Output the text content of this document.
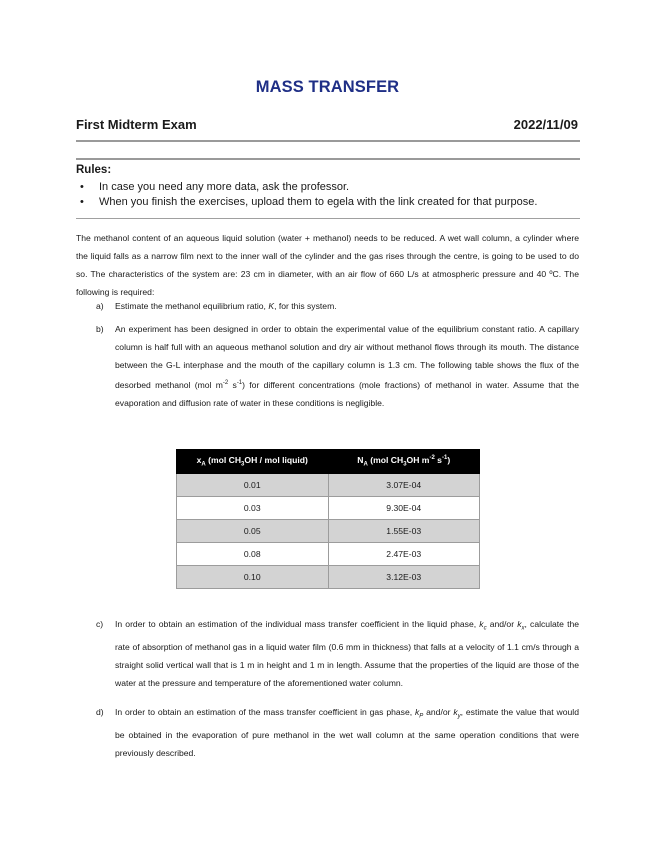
MASS TRANSFER
First Midterm Exam	2022/11/09
Rules:
• In case you need any more data, ask the professor.
• When you finish the exercises, upload them to egela with the link created for that purpose.
The methanol content of an aqueous liquid solution (water + methanol) needs to be reduced. A wet wall column, a cylinder where the liquid falls as a narrow film next to the inner wall of the cylinder and the gas rises through the centre, is going to be used to do so. The characteristics of the system are: 23 cm in diameter, with an air flow of 660 L/s at atmospheric pressure and 40 ºC. The following is required:
a) Estimate the methanol equilibrium ratio, K, for this system.
b) An experiment has been designed in order to obtain the experimental value of the equilibrium constant ratio. A capillary column is half full with an aqueous methanol solution and dry air without methanol flows through its mouth. The distance between the G-L interphase and the mouth of the capillary column is 1.3 cm. The following table shows the flux of the desorbed methanol (mol $m^{-2}$ $s^{-1}$) for different concentrations (mole fractions) of methanol in water. Assume that the evaporation and diffusion rate of water in these conditions is negligible.
$x_A$ (mol $CH_3OH$ / mol liquid)	$N_A$ (mol $CH_3OH$ $m^{-2}$ $s^{-1}$)
0.01	3.07E-04
0.03	9.30E-04
0.05	1.55E-03
0.08	2.47E-03
0.10	3.12E-03
c) In order to obtain an estimation of the individual mass transfer coefficient in the liquid phase, $k_c$ and/or $k_x$, calculate the rate of absorption of methanol gas in a liquid water film (0.6 mm in thickness) that falls at a velocity of 1.1 cm/s through a straight solid vertical wall that is 1 m in height and 1 m in length. Assume that the properties of the liquid are those of the water at the pressure and temperature of the aforementioned water column.
d) In order to obtain an estimation of the mass transfer coefficient in gas phase, $k_P$ and/or $k_y$, estimate the value that would be obtained in the evaporation of pure methanol in the wet wall column at the same operation conditions that were previously described.
